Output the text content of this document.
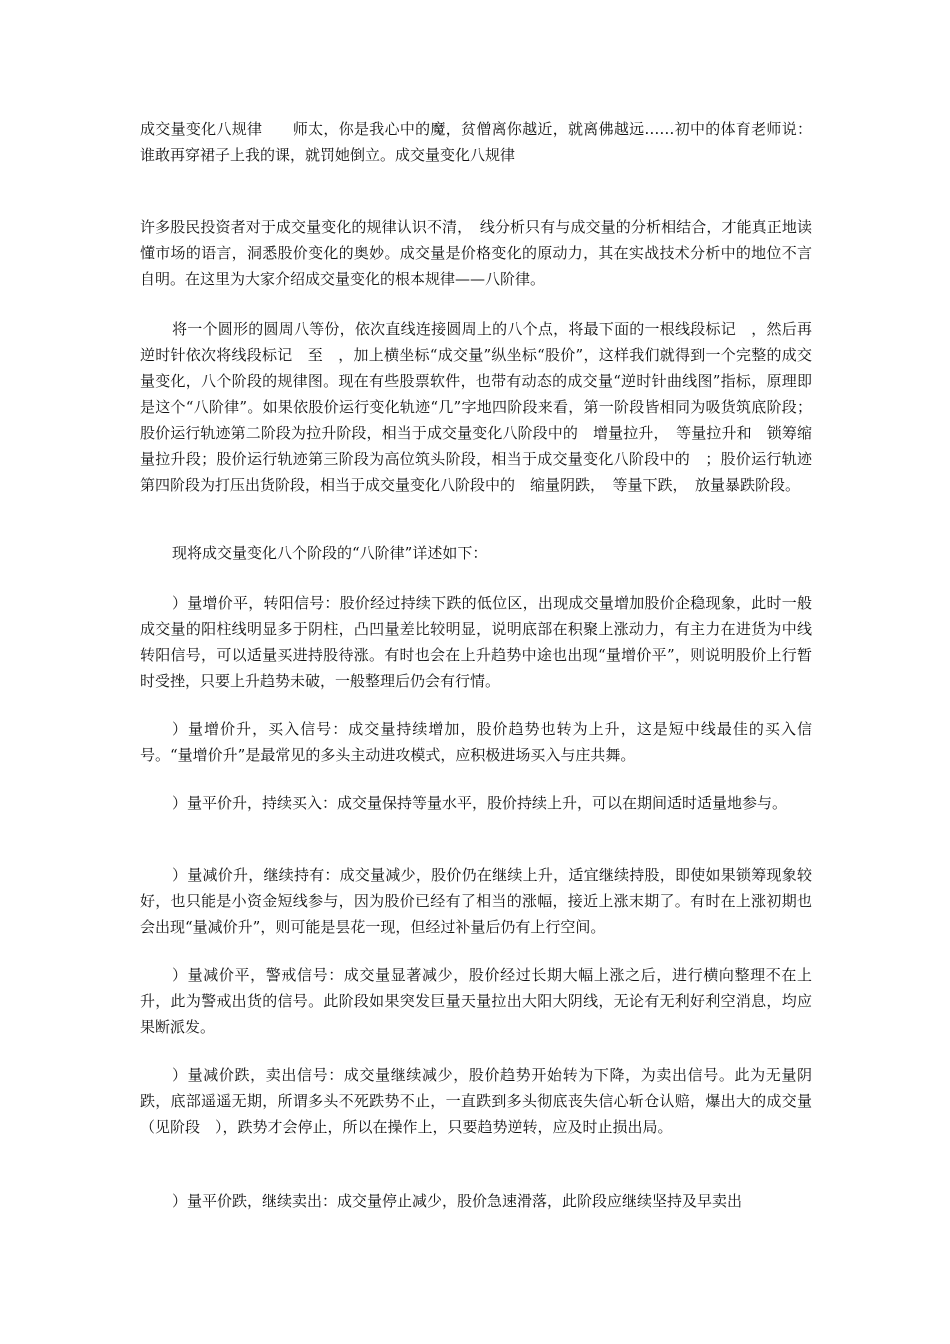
成交量变化八规律　　师太，你是我心中的魔，贫僧离你越近，就离佛越远……初中的体育老师说：谁敢再穿裙子上我的课，就罚她倒立。成交量变化八规律

许多股民投资者对于成交量变化的规律认识不清，　线分析只有与成交量的分析相结合，才能真正地读懂市场的语言，洞悉股价变化的奥妙。成交量是价格变化的原动力，其在实战技术分析中的地位不言自明。在这里为大家介绍成交量变化的根本规律——八阶律。

将一个圆形的圆周八等份，依次直线连接圆周上的八个点，将最下面的一根线段标记　，然后再逆时针依次将线段标记　至　，加上横坐标“成交量”纵坐标“股价”，这样我们就得到一个完整的成交量变化，八个阶段的规律图。现在有些股票软件，也带有动态的成交量“逆时针曲线图”指标，原理即是这个“八阶律”。如果依股价运行变化轨迹“几”字地四阶段来看，第一阶段皆相同为吸货筑底阶段；股价运行轨迹第二阶段为拉升阶段，相当于成交量变化八阶段中的　增量拉升，　等量拉升和　锁筹缩量拉升段；股价运行轨迹第三阶段为高位筑头阶段，相当于成交量变化八阶段中的　；股价运行轨迹第四阶段为打压出货阶段，相当于成交量变化八阶段中的　缩量阴跌，　等量下跌，　放量暴跌阶段。

现将成交量变化八个阶段的“八阶律”详述如下：

）量增价平，转阳信号：股价经过持续下跌的低位区，出现成交量增加股价企稳现象，此时一般成交量的阳柱线明显多于阴柱，凸凹量差比较明显，说明底部在积聚上涨动力，有主力在进货为中线转阳信号，可以适量买进持股待涨。有时也会在上升趋势中途也出现“量增价平”，则说明股价上行暂时受挫，只要上升趋势未破，一般整理后仍会有行情。

）量增价升，买入信号：成交量持续增加，股价趋势也转为上升，这是短中线最佳的买入信号。“量增价升”是最常见的多头主动进攻模式，应积极进场买入与庄共舞。

）量平价升，持续买入：成交量保持等量水平，股价持续上升，可以在期间适时适量地参与。

）量减价升，继续持有：成交量减少，股价仍在继续上升，适宜继续持股，即使如果锁筹现象较好，也只能是小资金短线参与，因为股价已经有了相当的涨幅，接近上涨末期了。有时在上涨初期也会出现“量减价升”，则可能是昙花一现，但经过补量后仍有上行空间。

）量减价平，警戒信号：成交量显著减少，股价经过长期大幅上涨之后，进行横向整理不在上升，此为警戒出货的信号。此阶段如果突发巨量天量拉出大阳大阴线，无论有无利好利空消息，均应果断派发。

）量减价跌，卖出信号：成交量继续减少，股价趋势开始转为下降，为卖出信号。此为无量阴跌，底部遥遥无期，所谓多头不死跌势不止，一直跌到多头彻底丧失信心斩仓认赔，爆出大的成交量（见阶段　），跌势才会停止，所以在操作上，只要趋势逆转，应及时止损出局。

）量平价跌，继续卖出：成交量停止减少，股价急速滑落，此阶段应继续坚持及早卖出
